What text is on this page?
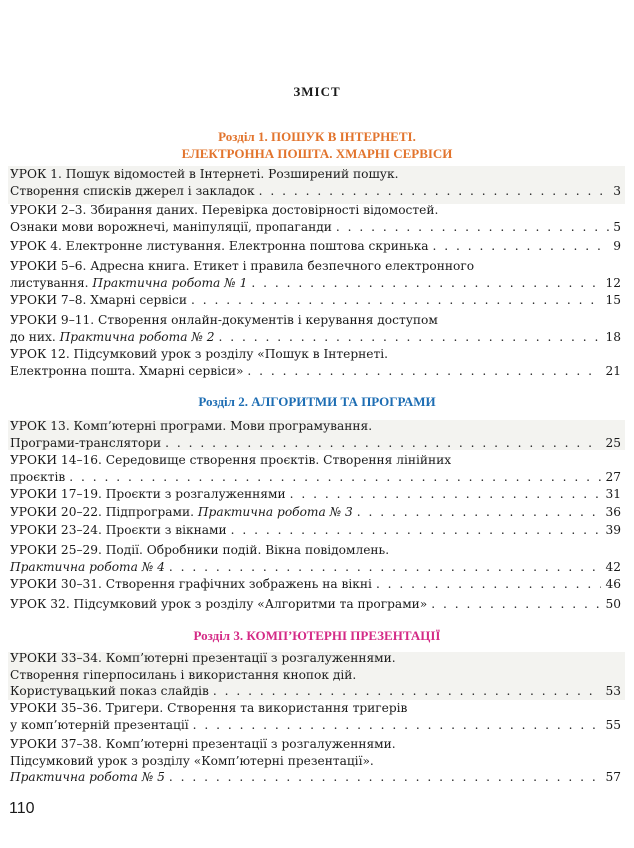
ЗМІСТ
Розділ 1. ПОШУК В ІНТЕРНЕТІ.
ЕЛЕКТРОННА ПОШТА. ХМАРНІ СЕРВІСИ
Розділ 2. АЛГОРИТМИ ТА ПРОГРАМИ
Розділ 3. КОМП’ЮТЕРНІ ПРЕЗЕНТАЦІЇ
УРОК 1. Пошук відомостей в Інтернеті. Розширений пошук.
Створення списків джерел і закладок . . .	3
УРОКИ 2–3. Збирання даних. Перевірка достовірності відомостей.
Ознаки мови ворожнечі, маніпуляції, пропаганди . . .	5
УРОК 4. Електронне листування. Електронна поштова скринька . . .	9
УРОКИ 5–6. Адресна книга. Етикет і правила безпечного електронного
листування. Практична робота № 1 . . .	12
УРОКИ 7–8. Хмарні сервіси . . .	15
УРОКИ 9–11. Створення онлайн-документів і керування доступом
до них. Практична робота № 2 . . .	18
УРОК 12. Підсумковий урок з розділу «Пошук в Інтернеті.
Електронна пошта. Хмарні сервіси» . . .	21
УРОК 13. Комп’ютерні програми. Мови програмування.
Програми-транслятори . . .	25
УРОКИ 14–16. Середовище створення проєктів. Створення лінійних
проєктів . . .	27
УРОКИ 17–19. Проєкти з розгалуженнями . . .	31
УРОКИ 20–22. Підпрограми. Практична робота № 3 . . .	36
УРОКИ 23–24. Проєкти з вікнами . . .	39
УРОКИ 25–29. Події. Обробники подій. Вікна повідомлень.
Практична робота № 4 . . .	42
УРОКИ 30–31. Створення графічних зображень на вікні . . .	46
УРОК 32. Підсумковий урок з розділу «Алгоритми та програми» . . .	50
УРОКИ 33–34. Комп’ютерні презентації з розгалуженнями.
Створення гіперпосилань і використання кнопок дій.
Користувацький показ слайдів . . .	53
УРОКИ 35–36. Тригери. Створення та використання тригерів
у комп’ютерній презентації . . .	55
УРОКИ 37–38. Комп’ютерні презентації з розгалуженнями.
Підсумковий урок з розділу «Комп’ютерні презентації».
Практична робота № 5 . . .	57
110
